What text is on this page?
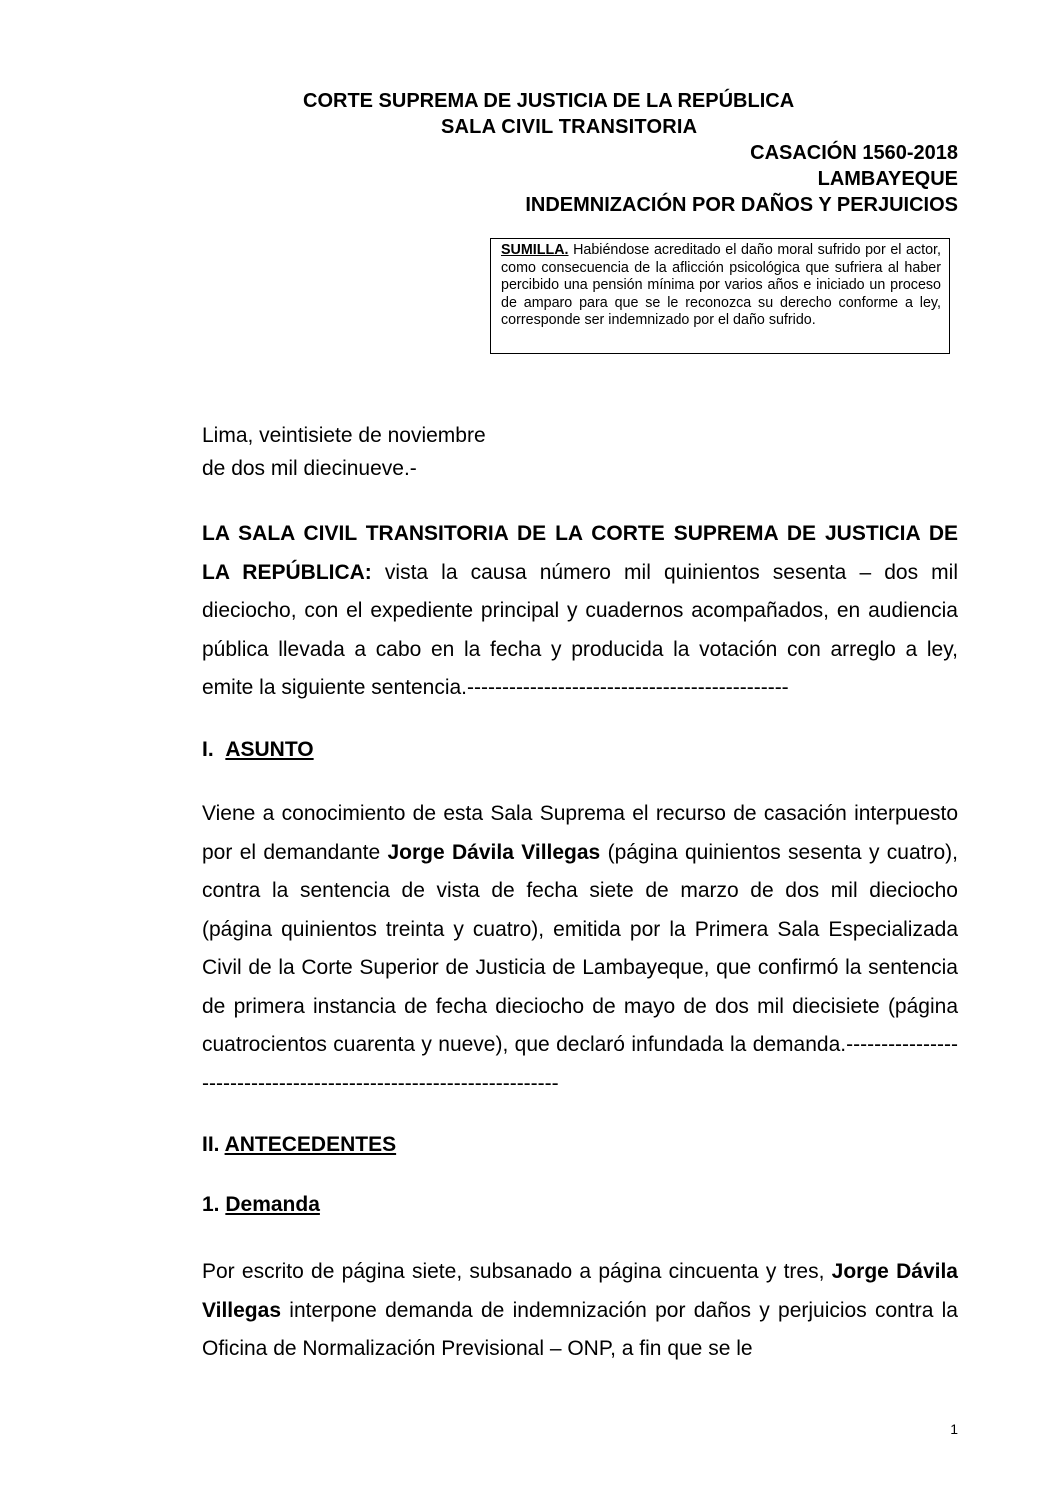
CORTE SUPREMA DE JUSTICIA DE LA REPÚBLICA
SALA CIVIL TRANSITORIA
CASACIÓN 1560-2018
LAMBAYEQUE
INDEMNIZACIÓN POR DAÑOS Y PERJUICIOS
SUMILLA. Habiéndose acreditado el daño moral sufrido por el actor, como consecuencia de la aflicción psicológica que sufriera al haber percibido una pensión mínima por varios años e iniciado un proceso de amparo para que se le reconozca su derecho conforme a ley, corresponde ser indemnizado por el daño sufrido.
Lima, veintisiete de noviembre
de dos mil diecinueve.-
LA SALA CIVIL TRANSITORIA DE LA CORTE SUPREMA DE JUSTICIA DE LA REPÚBLICA: vista la causa número mil quinientos sesenta – dos mil dieciocho, con el expediente principal y cuadernos acompañados, en audiencia pública llevada a cabo en la fecha y producida la votación con arreglo a ley, emite la siguiente sentencia.----------------------------------------------
I. ASUNTO
Viene a conocimiento de esta Sala Suprema el recurso de casación interpuesto por el demandante Jorge Dávila Villegas (página quinientos sesenta y cuatro), contra la sentencia de vista de fecha siete de marzo de dos mil dieciocho (página quinientos treinta y cuatro), emitida por la Primera Sala Especializada Civil de la Corte Superior de Justicia de Lambayeque, que confirmó la sentencia de primera instancia de fecha dieciocho de mayo de dos mil diecisiete (página cuatrocientos cuarenta y nueve), que declaró infundada la demanda.-------------------------------------------------------------------
II. ANTECEDENTES
1. Demanda
Por escrito de página siete, subsanado a página cincuenta y tres, Jorge Dávila Villegas interpone demanda de indemnización por daños y perjuicios contra la Oficina de Normalización Previsional – ONP, a fin que se le
1
